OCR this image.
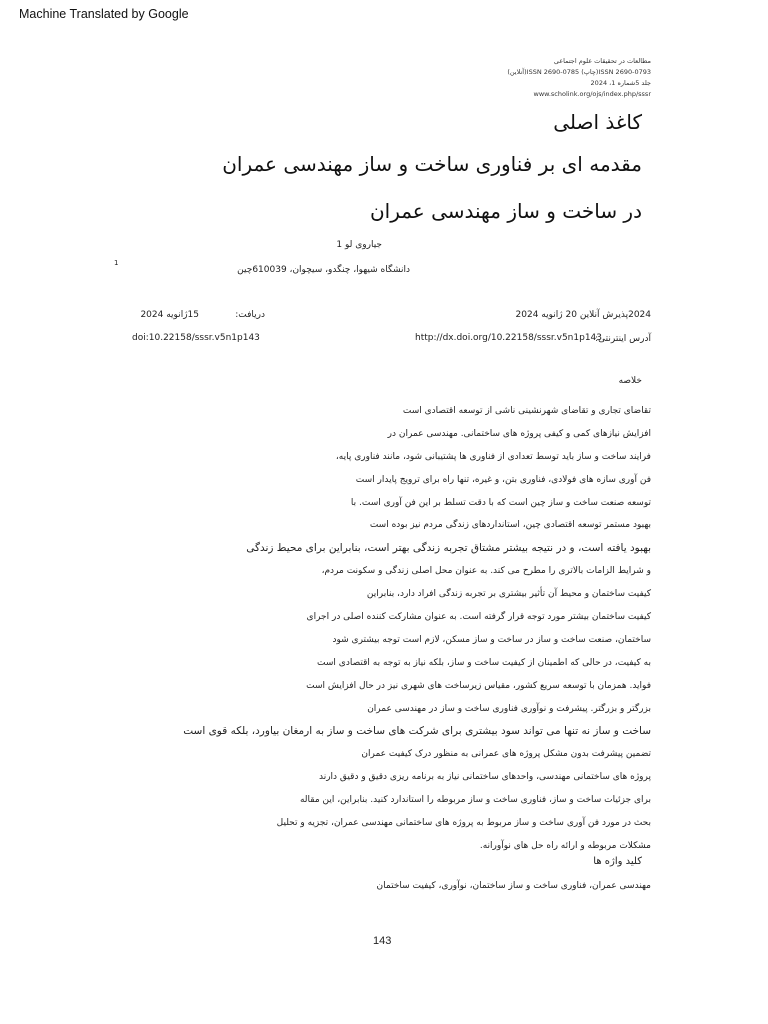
Machine Translated by Google
مطالعات در تحقیقات علوم اجتماعی
(آنلاین)ISSN 2690-0785 (چاپ)ISSN 2690-0793
جلد 5شماره 1، 2024
www.scholink.org/ojs/index.php/sssr
کاغذ اصلی
مقدمه ای بر فناوری ساخت و ساز مهندسی عمران
در ساخت و ساز مهندسی عمران
جیاروی لو 1
1
دانشگاه شیهوا، چنگدو، سیچوان، 610039چین
دریافت:
15ژانویه 2024	2024پذیرش آنلاین 20 ژانویه 2024
doi:10.22158/sssr.v5n1p143	آدرس اینترنتی:
http://dx.doi.org/10.22158/sssr.v5n1p143
خلاصه
تقاضای تجاری و تقاضای شهرنشینی ناشی از توسعه اقتصادی است
افزایش نیازهای کمی و کیفی پروژه های ساختمانی. مهندسی عمران در
فرایند ساخت و ساز باید توسط تعدادی از فناوری ها پشتیبانی شود، مانند فناوری پایه،
فن آوری سازه های فولادی، فناوری بتن، و غیره، تنها راه برای ترویج پایدار است
توسعه صنعت ساخت و ساز چین است که با دقت تسلط بر این فن آوری است. با
بهبود مستمر توسعه اقتصادی چین، استانداردهای زندگی مردم نیز بوده است
بهبود یافته است، و در نتیجه بیشتر مشتاق تجربه زندگی بهتر است، بنابراین برای محیط زندگی
و شرایط الزامات بالاتری را مطرح می کند. به عنوان محل اصلی زندگی و سکونت مردم،
کیفیت ساختمان و محیط آن تأثیر بیشتری بر تجربه زندگی افراد دارد، بنابراین
کیفیت ساختمان بیشتر مورد توجه قرار گرفته است. به عنوان مشارکت کننده اصلی در اجرای
ساختمان، صنعت ساخت و ساز در ساخت و ساز مسکن، لازم است توجه بیشتری شود
به کیفیت، در حالی که اطمینان از کیفیت ساخت و ساز، بلکه نیاز به توجه به اقتصادی است
فواید. همزمان با توسعه سریع کشور، مقیاس زیرساخت های شهری نیز در حال افزایش است
بزرگتر و بزرگتر. پیشرفت و نوآوری فناوری ساخت و ساز در مهندسی عمران
ساخت و ساز نه تنها می تواند سود بیشتری برای شرکت های ساخت و ساز به ارمغان بیاورد، بلکه قوی است
تضمین پیشرفت بدون مشکل پروژه های عمرانی به منظور درک کیفیت عمران
پروژه های ساختمانی مهندسی، واحدهای ساختمانی نیاز به برنامه ریزی دقیق و دقیق دارند
برای جزئیات ساخت و ساز، فناوری ساخت و ساز مربوطه را استاندارد کنید. بنابراین، این مقاله
بحث در مورد فن آوری ساخت و ساز مربوط به پروژه های ساختمانی مهندسی عمران، تجزیه و تحلیل
مشکلات مربوطه و ارائه راه حل های نوآورانه.
کلید واژه ها
مهندسی عمران، فناوری ساخت و ساز ساختمان، نوآوری، کیفیت ساختمان
143
